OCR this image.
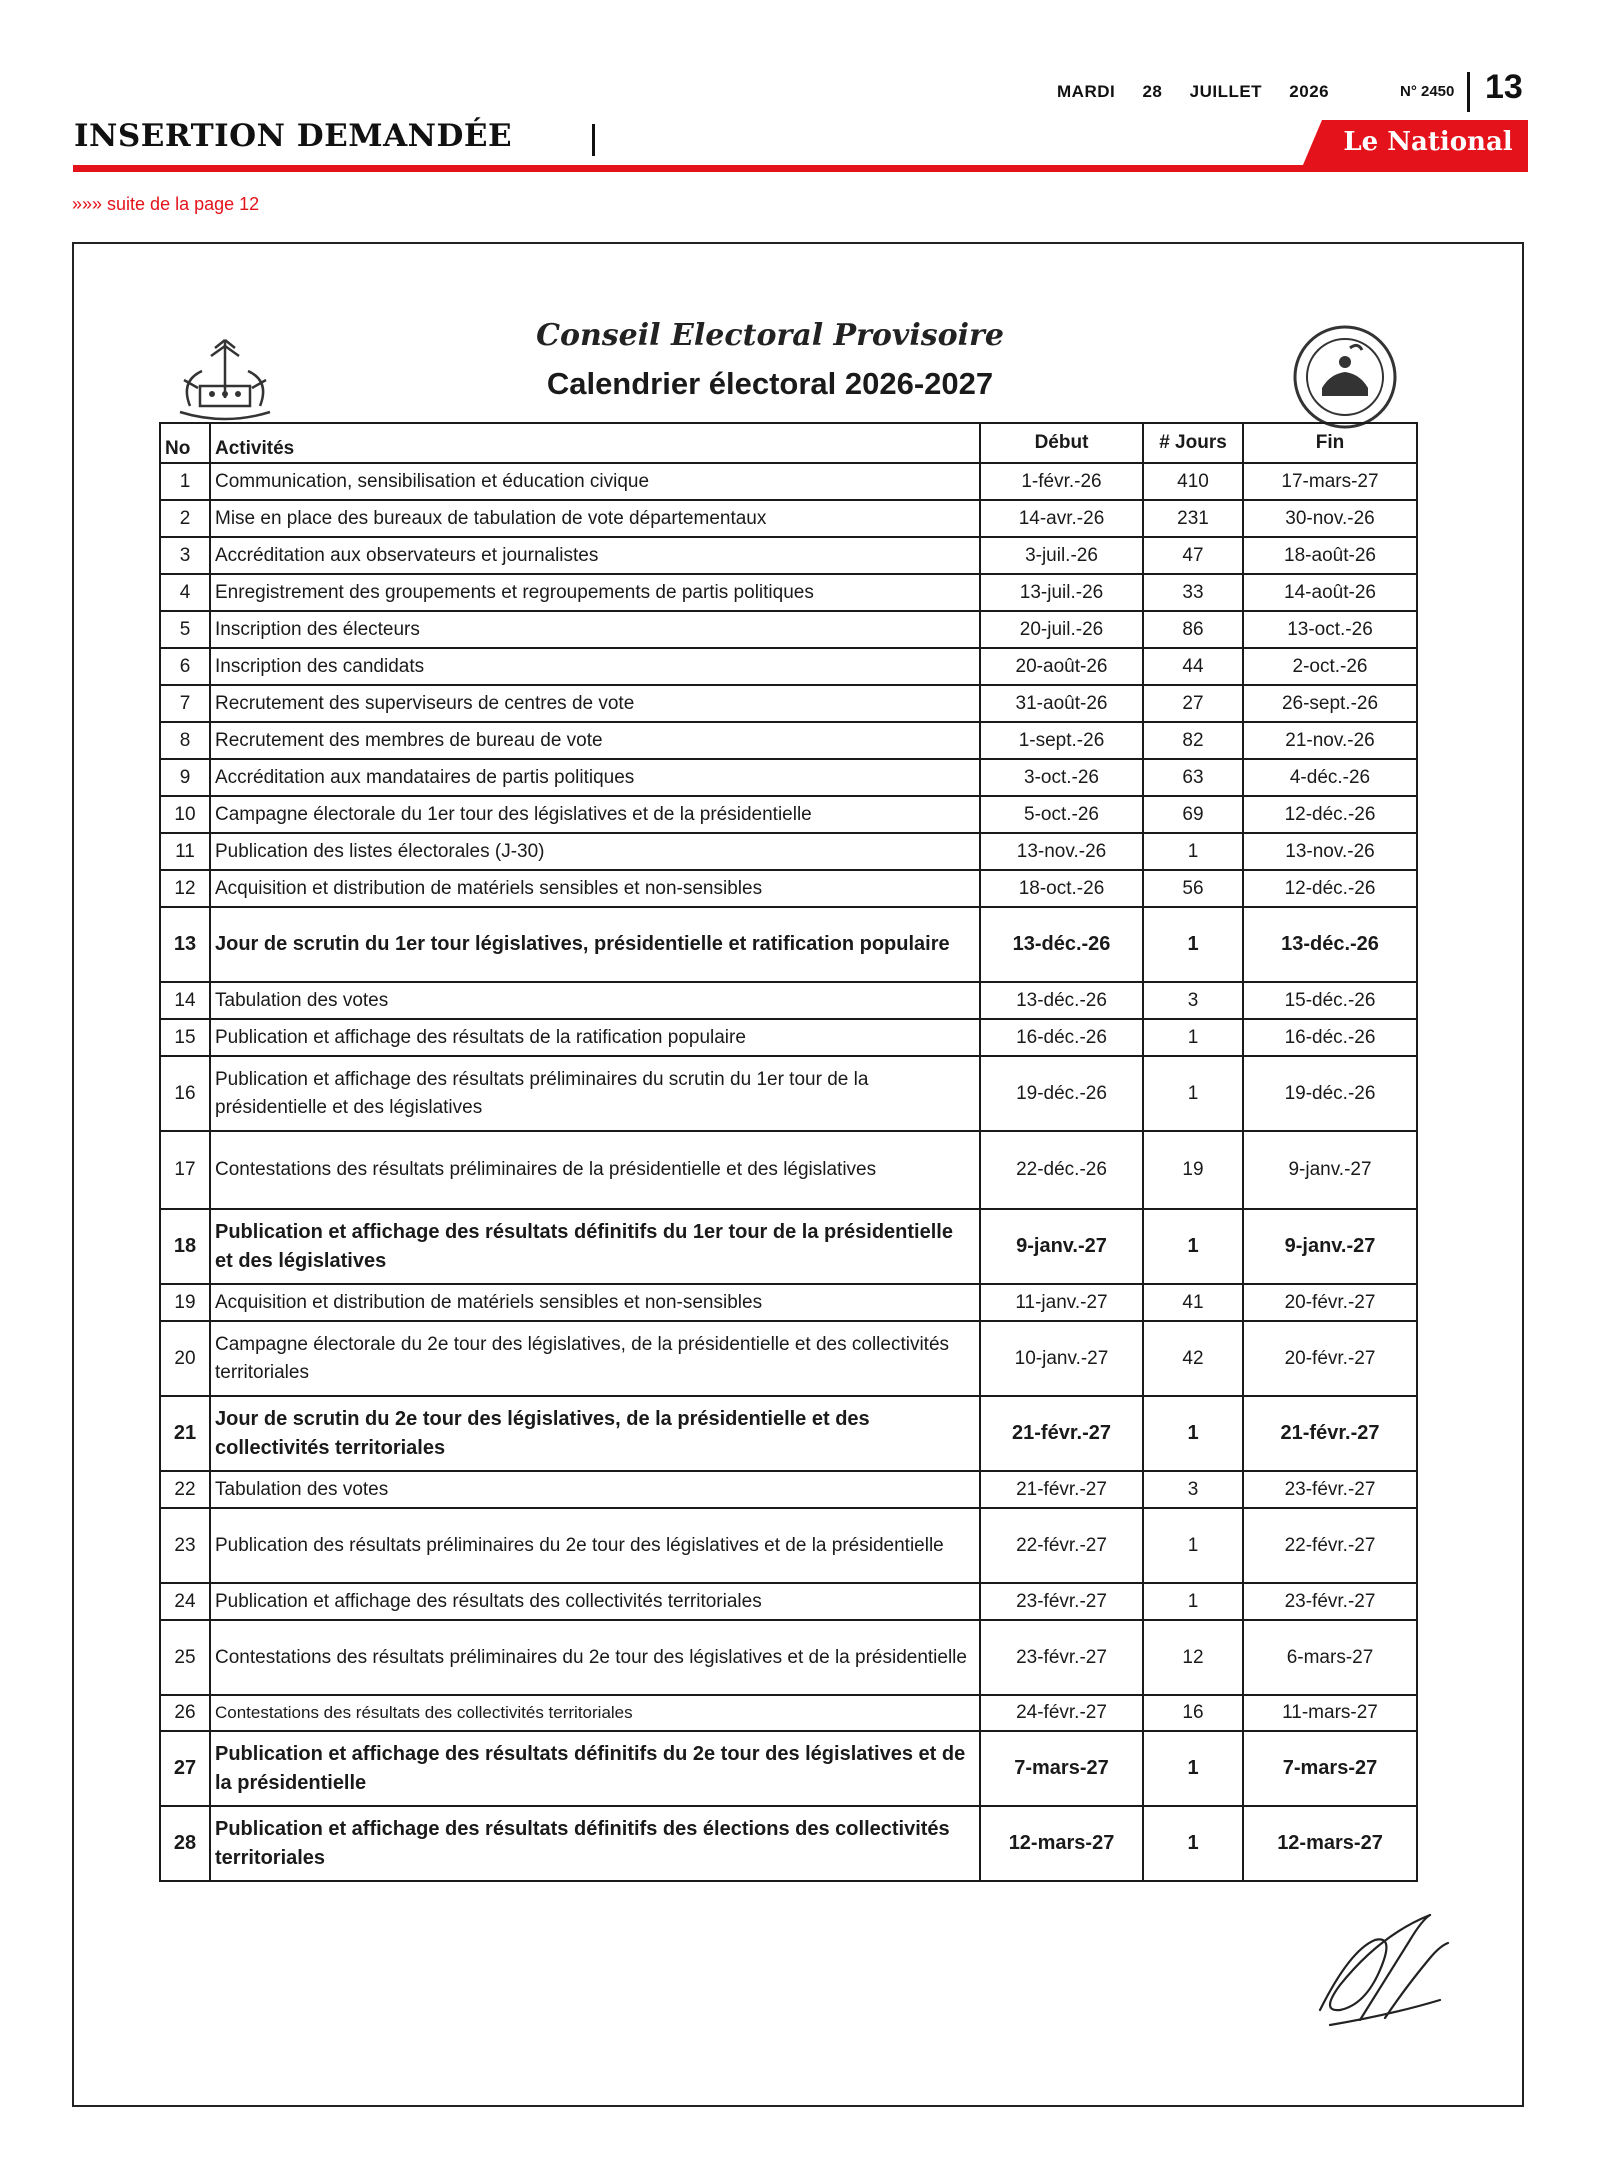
MARDI 28 JUILLET 2026	N° 2450 13
INSERTION DEMANDÉE	Le National
»»» suite de la page 12
Conseil Electoral Provisoire
Calendrier électoral 2026-2027
No	Activités	Début	# Jours	Fin
1	Communication, sensibilisation et éducation civique	1-févr.-26	410	17-mars-27
2	Mise en place des bureaux de tabulation de vote départementaux	14-avr.-26	231	30-nov.-26
3	Accréditation aux observateurs et journalistes	3-juil.-26	47	18-août-26
4	Enregistrement des groupements et regroupements de partis politiques	13-juil.-26	33	14-août-26
5	Inscription des électeurs	20-juil.-26	86	13-oct.-26
6	Inscription des candidats	20-août-26	44	2-oct.-26
7	Recrutement des superviseurs de centres de vote	31-août-26	27	26-sept.-26
8	Recrutement des membres de bureau de vote	1-sept.-26	82	21-nov.-26
9	Accréditation aux mandataires de partis politiques	3-oct.-26	63	4-déc.-26
10	Campagne électorale du 1er tour des législatives et de la présidentielle	5-oct.-26	69	12-déc.-26
11	Publication des listes électorales (J-30)	13-nov.-26	1	13-nov.-26
12	Acquisition et distribution de matériels sensibles et non-sensibles	18-oct.-26	56	12-déc.-26
13	Jour de scrutin du 1er tour législatives, présidentielle et ratification populaire	13-déc.-26	1	13-déc.-26
14	Tabulation des votes	13-déc.-26	3	15-déc.-26
15	Publication et affichage des résultats de la ratification populaire	16-déc.-26	1	16-déc.-26
16	Publication et affichage des résultats préliminaires du scrutin du 1er tour de la présidentielle et des législatives	19-déc.-26	1	19-déc.-26
17	Contestations des résultats préliminaires de la présidentielle et des législatives	22-déc.-26	19	9-janv.-27
18	Publication et affichage des résultats définitifs du 1er tour de la présidentielle et des législatives	9-janv.-27	1	9-janv.-27
19	Acquisition et distribution de matériels sensibles et non-sensibles	11-janv.-27	41	20-févr.-27
20	Campagne électorale du 2e tour des législatives, de la présidentielle et des collectivités territoriales	10-janv.-27	42	20-févr.-27
21	Jour de scrutin du 2e tour des législatives, de la présidentielle et des collectivités territoriales	21-févr.-27	1	21-févr.-27
22	Tabulation des votes	21-févr.-27	3	23-févr.-27
23	Publication des résultats préliminaires du 2e tour des législatives et de la présidentielle	22-févr.-27	1	22-févr.-27
24	Publication et affichage des résultats des collectivités territoriales	23-févr.-27	1	23-févr.-27
25	Contestations des résultats préliminaires du 2e tour des législatives et de la présidentielle	23-févr.-27	12	6-mars-27
26	Contestations des résultats des collectivités territoriales	24-févr.-27	16	11-mars-27
27	Publication et affichage des résultats définitifs du 2e tour des législatives et de la présidentielle	7-mars-27	1	7-mars-27
28	Publication et affichage des résultats définitifs des élections des collectivités territoriales	12-mars-27	1	12-mars-27
